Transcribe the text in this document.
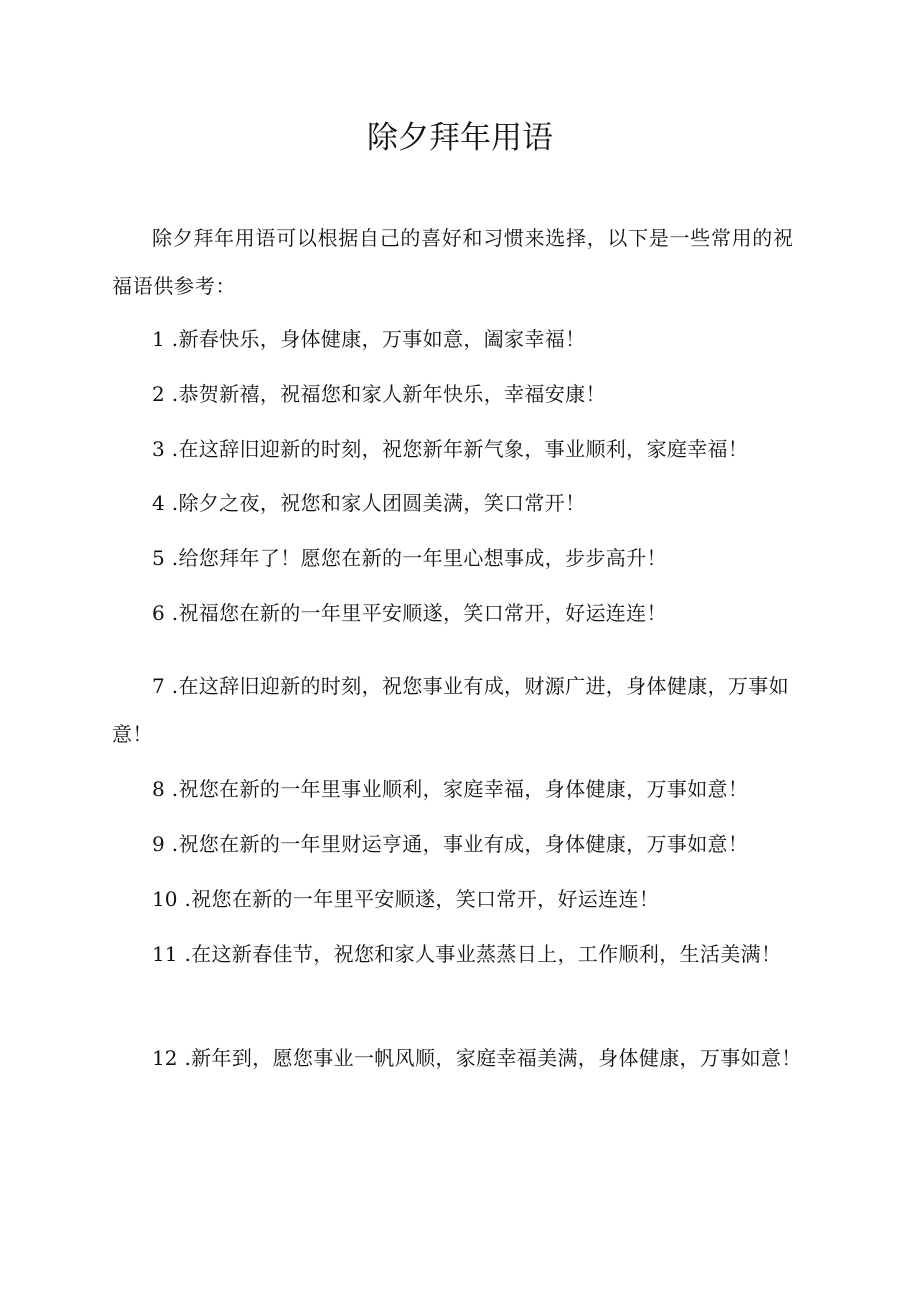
除夕拜年用语
除夕拜年用语可以根据自己的喜好和习惯来选择，以下是一些常用的祝福语供参考：
1 .新春快乐，身体健康，万事如意，阖家幸福！
2 .恭贺新禧，祝福您和家人新年快乐，幸福安康！
3 .在这辞旧迎新的时刻，祝您新年新气象，事业顺利，家庭幸福！
4 .除夕之夜，祝您和家人团圆美满，笑口常开！
5 .给您拜年了！愿您在新的一年里心想事成，步步高升！
6 .祝福您在新的一年里平安顺遂，笑口常开，好运连连！
7 .在这辞旧迎新的时刻，祝您事业有成，财源广进，身体健康，万事如意！
8 .祝您在新的一年里事业顺利，家庭幸福，身体健康，万事如意！
9 .祝您在新的一年里财运亨通，事业有成，身体健康，万事如意！
10 .祝您在新的一年里平安顺遂，笑口常开，好运连连！
11 .在这新春佳节，祝您和家人事业蒸蒸日上，工作顺利，生活美满！
12 .新年到，愿您事业一帆风顺，家庭幸福美满，身体健康，万事如意！
